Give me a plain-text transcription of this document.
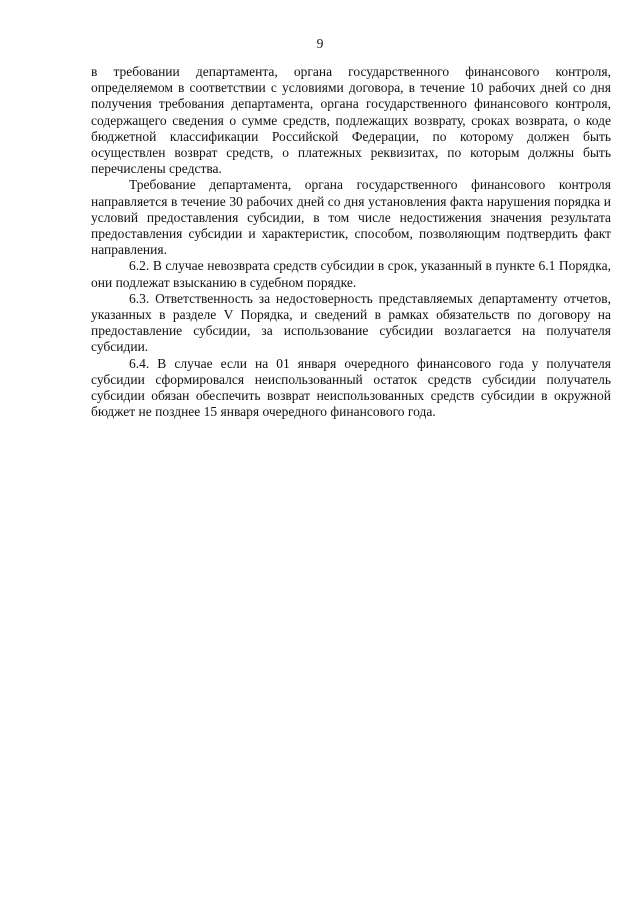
9

в требовании департамента, органа государственного финансового контроля, определяемом в соответствии с условиями договора, в течение 10 рабочих дней со дня получения требования департамента, органа государственного финансового контроля, содержащего сведения о сумме средств, подлежащих возврату, сроках возврата, о коде бюджетной классификации Российской Федерации, по которому должен быть осуществлен возврат средств, о платежных реквизитах, по которым должны быть перечислены средства.

Требование департамента, органа государственного финансового контроля направляется в течение 30 рабочих дней со дня установления факта нарушения порядка и условий предоставления субсидии, в том числе недостижения значения результата предоставления субсидии и характеристик, способом, позволяющим подтвердить факт направления.

6.2. В случае невозврата средств субсидии в срок, указанный в пункте 6.1 Порядка, они подлежат взысканию в судебном порядке.

6.3. Ответственность за недостоверность представляемых департаменту отчетов, указанных в разделе V Порядка, и сведений в рамках обязательств по договору на предоставление субсидии, за использование субсидии возлагается на получателя субсидии.

6.4. В случае если на 01 января очередного финансового года у получателя субсидии сформировался неиспользованный остаток средств субсидии получатель субсидии обязан обеспечить возврат неиспользованных средств субсидии в окружной бюджет не позднее 15 января очередного финансового года.
